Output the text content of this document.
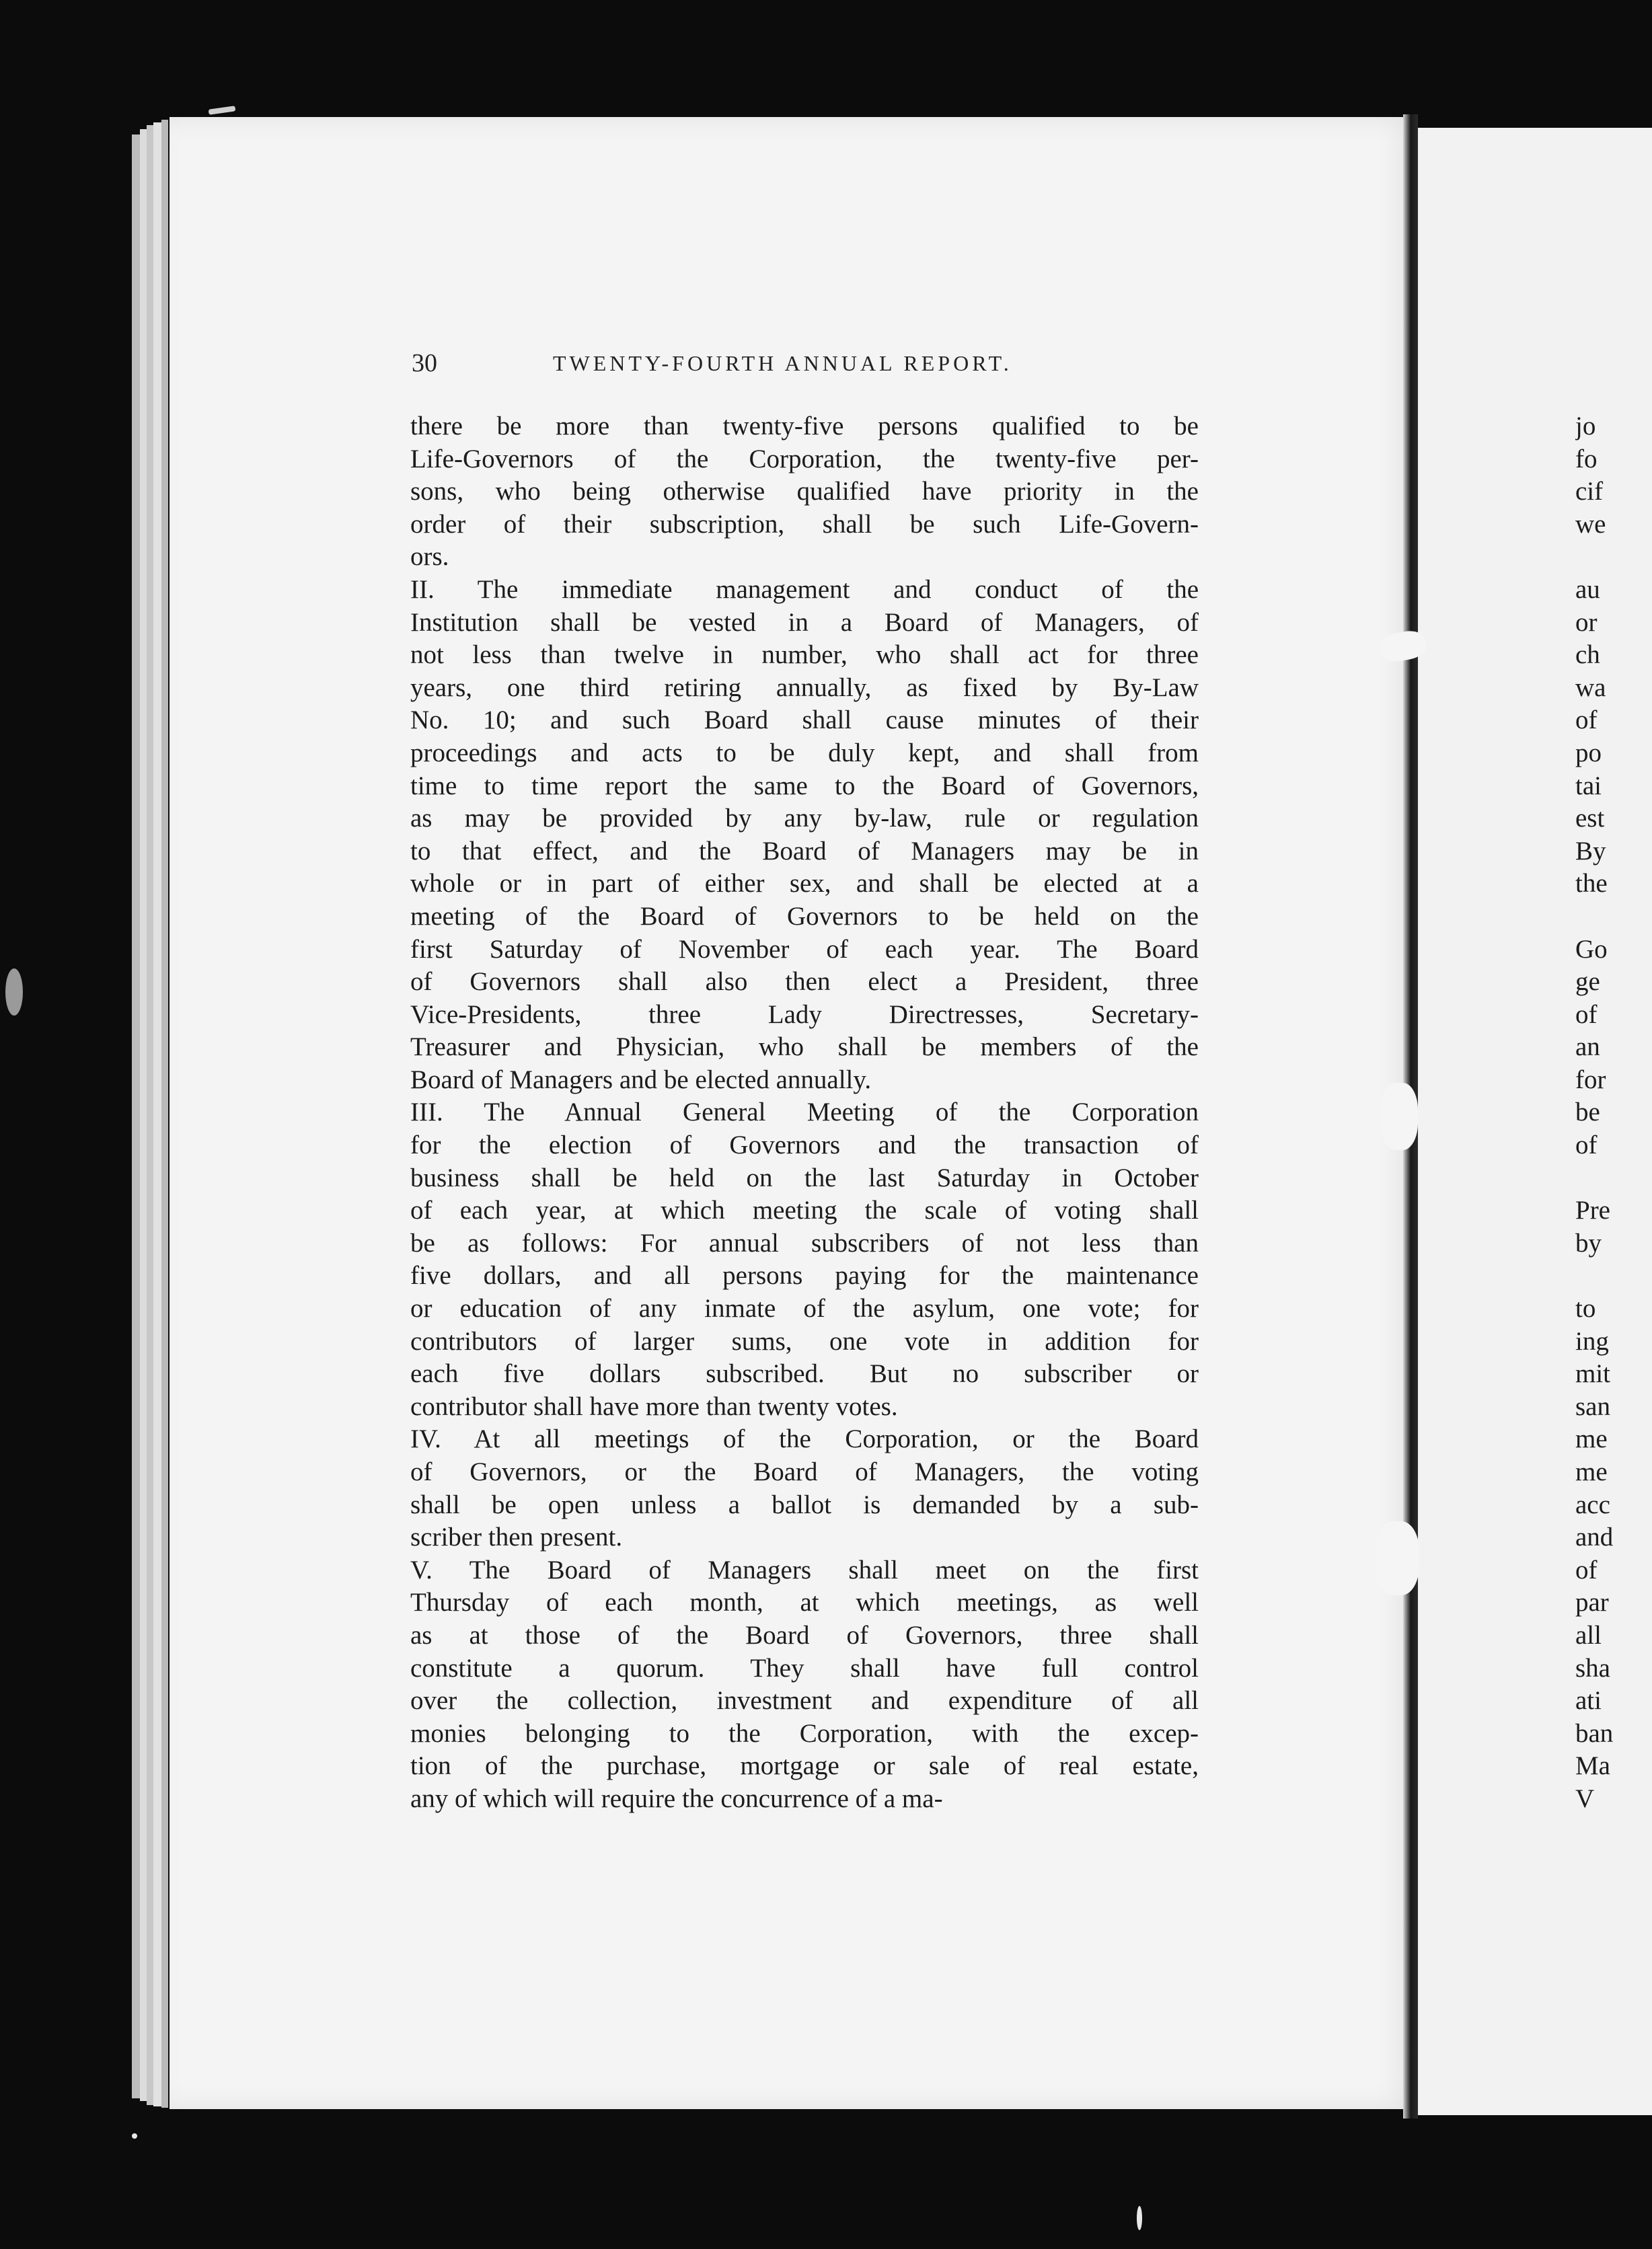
30	TWENTY-FOURTH ANNUAL REPORT.
there be more than twenty-five persons qualified to be
Life-Governors of the Corporation, the twenty-five per-
sons, who being otherwise qualified have priority in the
order of their subscription, shall be such Life-Govern-
ors.
II. The immediate management and conduct of the
Institution shall be vested in a Board of Managers, of
not less than twelve in number, who shall act for three
years, one third retiring annually, as fixed by By-Law
No. 10; and such Board shall cause minutes of their
proceedings and acts to be duly kept, and shall from
time to time report the same to the Board of Governors,
as may be provided by any by-law, rule or regulation
to that effect, and the Board of Managers may be in
whole or in part of either sex, and shall be elected at a
meeting of the Board of Governors to be held on the
first Saturday of November of each year. The Board
of Governors shall also then elect a President, three
Vice-Presidents, three Lady Directresses, Secretary-
Treasurer and Physician, who shall be members of the
Board of Managers and be elected annually.
III. The Annual General Meeting of the Corporation
for the election of Governors and the transaction of
business shall be held on the last Saturday in October
of each year, at which meeting the scale of voting shall
be as follows: For annual subscribers of not less than
five dollars, and all persons paying for the maintenance
or education of any inmate of the asylum, one vote; for
contributors of larger sums, one vote in addition for
each five dollars subscribed. But no subscriber or
contributor shall have more than twenty votes.
IV. At all meetings of the Corporation, or the Board
of Governors, or the Board of Managers, the voting
shall be open unless a ballot is demanded by a sub-
scriber then present.
V. The Board of Managers shall meet on the first
Thursday of each month, at which meetings, as well
as at those of the Board of Governors, three shall
constitute a quorum. They shall have full control
over the collection, investment and expenditure of all
monies belonging to the Corporation, with the excep-
tion of the purchase, mortgage or sale of real estate,
any of which will require the concurrence of a ma-
jo
fo
cif
we
au
or
ch
wa
of
po
tai
est
By
the
Go
ge
of
an
for
be
of
Pre
by
to
ing
mit
san
me
me
acc
and
of
par
all
sha
ati
ban
Ma
V
